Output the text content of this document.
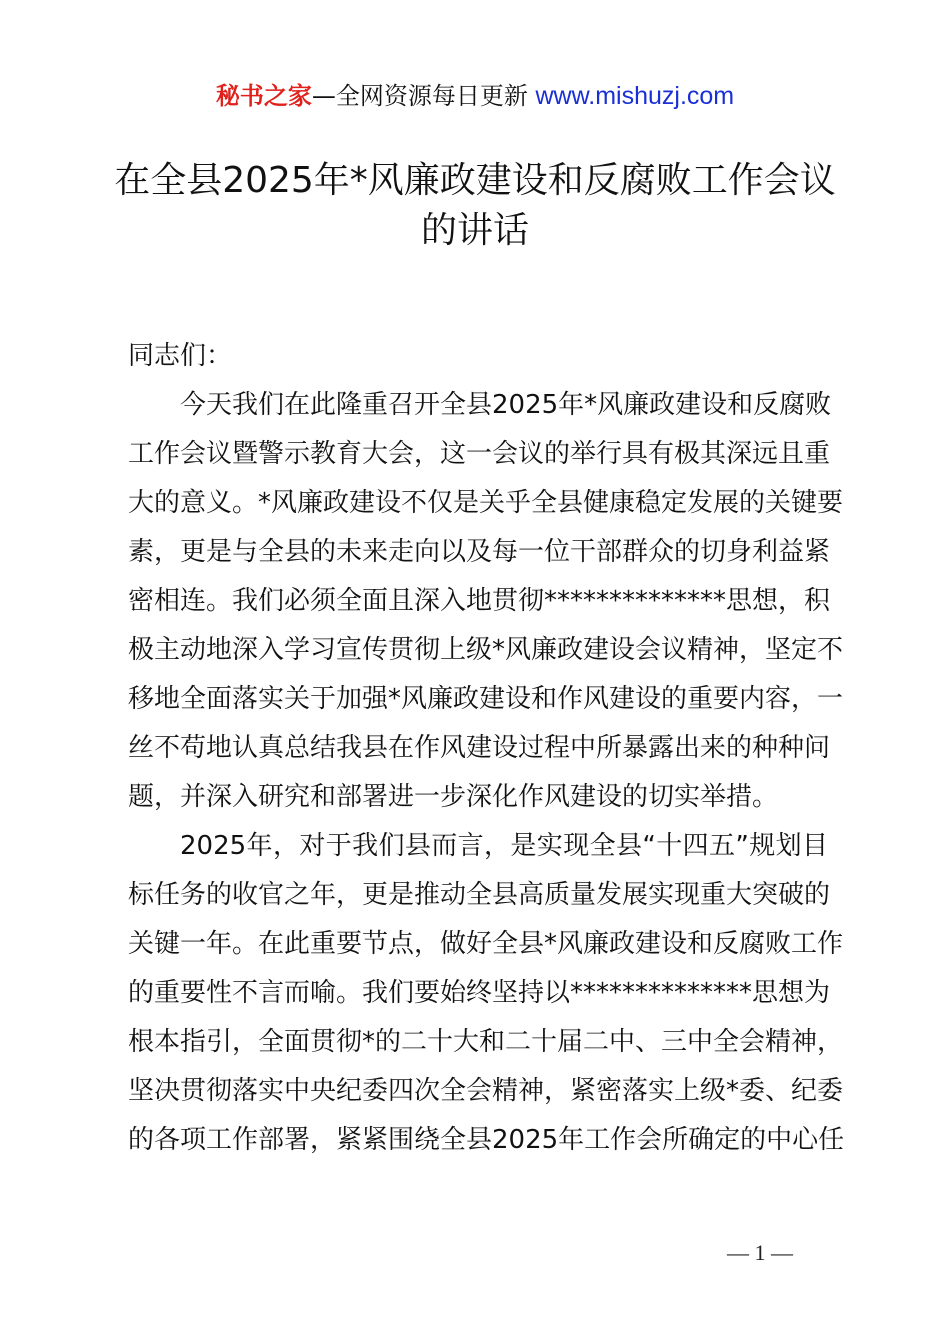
秘书之家—全网资源每日更新 www.mishuzj.com
在全县2025年*风廉政建设和反腐败工作会议
的讲话
同志们：
今天我们在此隆重召开全县2025年*风廉政建设和反腐败
工作会议暨警示教育大会，这一会议的举行具有极其深远且重
大的意义。*风廉政建设不仅是关乎全县健康稳定发展的关键要
素，更是与全县的未来走向以及每一位干部群众的切身利益紧
密相连。我们必须全面且深入地贯彻**************思想，积
极主动地深入学习宣传贯彻上级*风廉政建设会议精神，坚定不
移地全面落实关于加强*风廉政建设和作风建设的重要内容，一
丝不苟地认真总结我县在作风建设过程中所暴露出来的种种问
题，并深入研究和部署进一步深化作风建设的切实举措。
2025年，对于我们县而言，是实现全县“十四五”规划目
标任务的收官之年，更是推动全县高质量发展实现重大突破的
关键一年。在此重要节点，做好全县*风廉政建设和反腐败工作
的重要性不言而喻。我们要始终坚持以**************思想为
根本指引，全面贯彻*的二十大和二十届二中、三中全会精神，
坚决贯彻落实中央纪委四次全会精神，紧密落实上级*委、纪委
的各项工作部署，紧紧围绕全县2025年工作会所确定的中心任
— 1 —
